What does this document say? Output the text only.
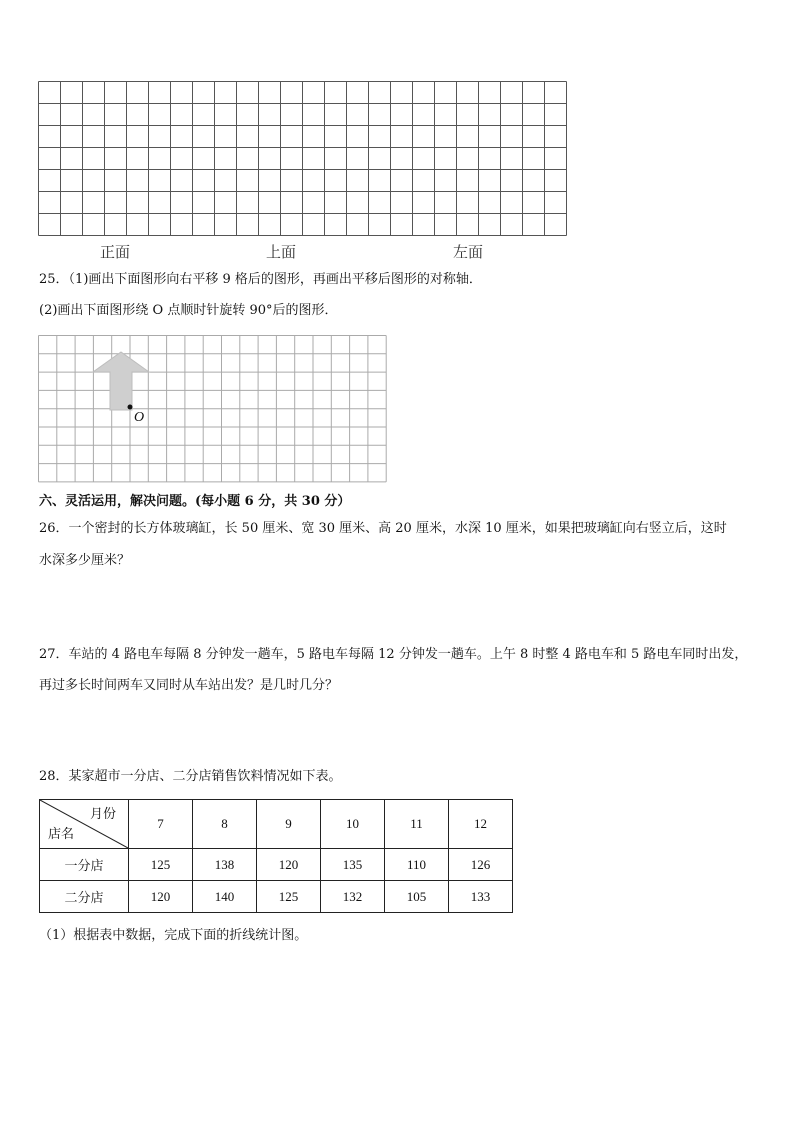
正面	上面	左面
25．（1)画出下面图形向右平移 9 格后的图形，再画出平移后图形的对称轴．
(2)画出下面图形绕 O 点顺时针旋转 90°后的图形．
O
六、灵活运用，解决问题。(每小题 6 分，共 30 分）
26．一个密封的长方体玻璃缸，长 50 厘米、宽 30 厘米、高 20 厘米，水深 10 厘米，如果把玻璃缸向右竖立后，这时
水深多少厘米？
27．车站的 4 路电车每隔 8 分钟发一趟车，5 路电车每隔 12 分钟发一趟车。上午 8 时整 4 路电车和 5 路电车同时出发，
再过多长时间两车又同时从车站出发？是几时几分？
28．某家超市一分店、二分店销售饮料情况如下表。
月份
店名	7	8	9	10	11	12
一分店	125	138	120	135	110	126
二分店	120	140	125	132	105	133
（1）根据表中数据，完成下面的折线统计图。
